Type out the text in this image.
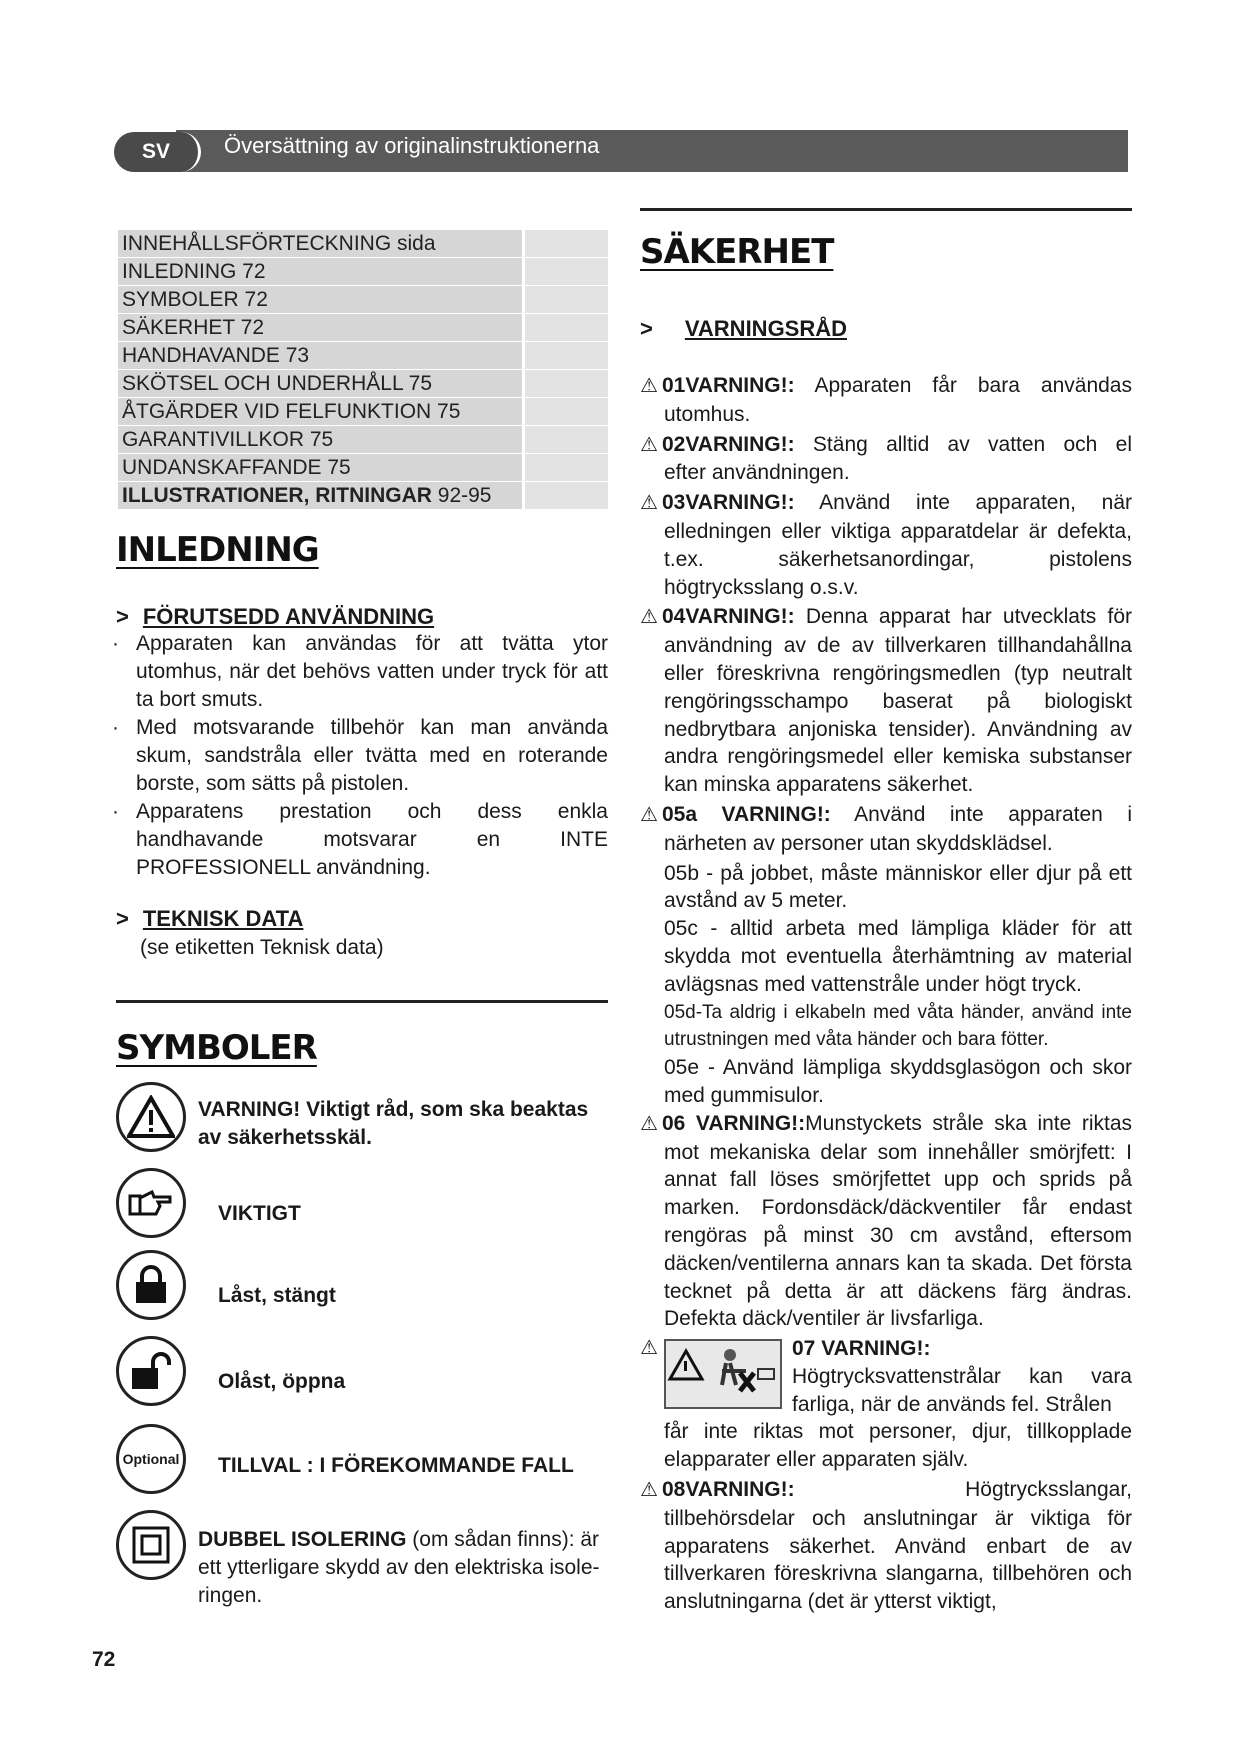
SV	Översättning av originalinstruktionerna
INNEHÅLLSFÖRTECKNING sida
INLEDNING 72
SYMBOLER 72
SÄKERHET 72
HANDHAVANDE 73
SKÖTSEL OCH UNDERHÅLL 75
ÅTGÄRDER VID FELFUNKTION 75
GARANTIVILLKOR 75
UNDANSKAFFANDE 75
ILLUSTRATIONER, RITNINGAR 92-95
INLEDNING
> FÖRUTSEDD ANVÄNDNING
· Apparaten kan användas för att tvätta ytor utomhus, när det behövs vatten under tryck för att ta bort smuts.
· Med motsvarande tillbehör kan man använda skum, sandstråla eller tvätta med en roterande borste, som sätts på pistolen.
· Apparatens prestation och dess enkla handhavande motsvarar en INTE PROFESSIONELL användning.
> TEKNISK DATA
(se etiketten Teknisk data)
SYMBOLER
VARNING! Viktigt råd, som ska beaktas av säkerhetsskäl.
VIKTIGT
Låst, stängt
Olåst, öppna
Optional TILLVAL : I FÖREKOMMANDE FALL
DUBBEL ISOLERING (om sådan finns): är ett ytterligare skydd av den elektriska isole-ringen.
72
SÄKERHET
> VARNINGSRÅD
⚠ 01VARNING!: Apparaten får bara användas
utomhus.
⚠ 02VARNING!: Stäng alltid av vatten och el
efter användningen.
⚠ 03VARNING!: Använd inte apparaten, när
elledningen eller viktiga apparatdelar är defekta, t.ex. säkerhetsanordingar, pistolens högtrycksslang o.s.v.
⚠ 04VARNING!: Denna apparat har utvecklats för
användning av de av tillverkaren tillhandahållna eller föreskrivna rengöringsmedlen (typ neutralt rengöringsschampo baserat på biologiskt nedbrytbara anjoniska tensider). Användning av andra rengöringsmedel eller kemiska substanser kan minska apparatens säkerhet.
⚠ 05a VARNING!: Använd inte apparaten i
närheten av personer utan skyddsklädsel.
05b - på jobbet, måste människor eller djur på ett avstånd av 5 meter.
05c - alltid arbeta med lämpliga kläder för att skydda mot eventuella återhämtning av material avlägsnas med vattenstråle under högt tryck.
05d-Ta aldrig i elkabeln med våta händer, använd inte utrustningen med våta händer och bara fötter.
05e - Använd lämpliga skyddsglasögon och skor med gummisulor.
⚠ 06 VARNING!:Munstyckets stråle ska inte riktas
mot mekaniska delar som innehåller smörjfett: I annat fall löses smörjfettet upp och sprids på marken. Fordonsdäck/däckventiler får endast rengöras på minst 30 cm avstånd, eftersom däcken/ventilerna annars kan ta skada. Det första tecknet på detta är att däckens färg ändras. Defekta däck/ventiler är livsfarliga.
⚠	07 VARNING!:
Högtrycksvattenstrålar kan vara farliga, när de används fel. Strålen
får inte riktas mot personer, djur, tillkopplade elapparater eller apparaten själv.
⚠ 08VARNING!:	Högtrycksslangar,
tillbehörsdelar och anslutningar är viktiga för apparatens säkerhet. Använd enbart de av tillverkaren föreskrivna slangarna, tillbehören och anslutningarna (det är ytterst viktigt,
